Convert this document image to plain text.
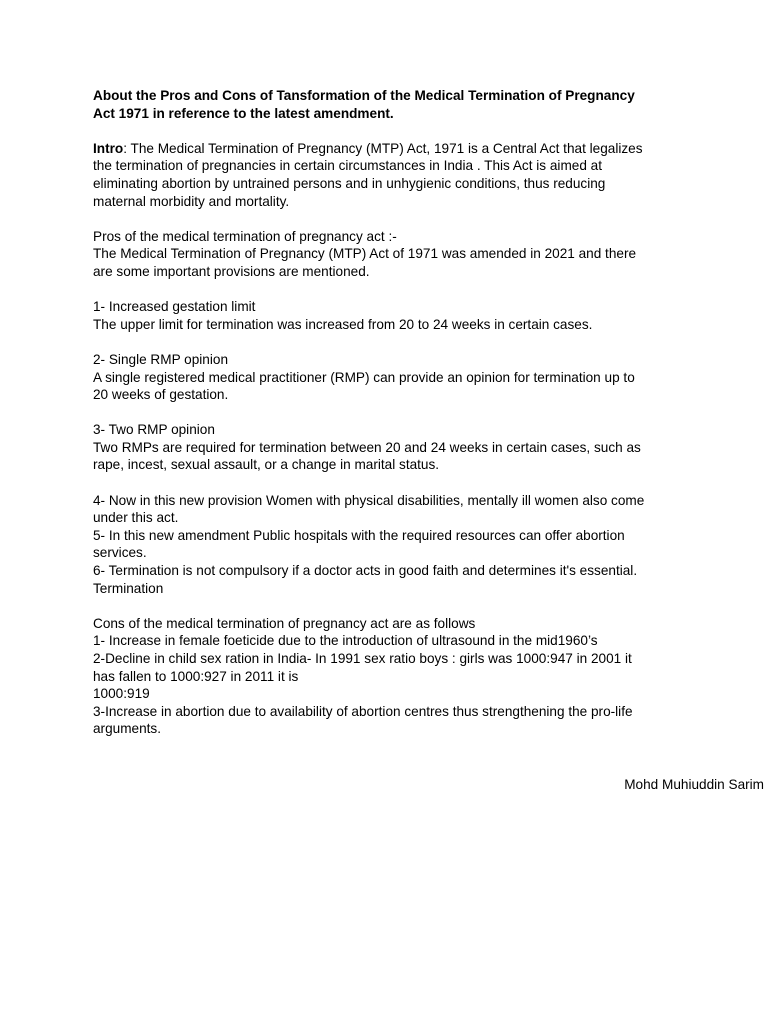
About the Pros and Cons of Tansformation of the Medical Termination of Pregnancy
Act 1971 in reference to the latest amendment.
Intro: The Medical Termination of Pregnancy (MTP) Act, 1971 is a Central Act that legalizes
the termination of pregnancies in certain circumstances in India . This Act is aimed at
eliminating abortion by untrained persons and in unhygienic conditions, thus reducing
maternal morbidity and mortality.
Pros of the medical termination of pregnancy act :-
The Medical Termination of Pregnancy (MTP) Act of 1971 was amended in 2021 and there
are some important provisions are mentioned.
1- Increased gestation limit
The upper limit for termination was increased from 20 to 24 weeks in certain cases.
2- Single RMP opinion
A single registered medical practitioner (RMP) can provide an opinion for termination up to
20 weeks of gestation.
3- Two RMP opinion
Two RMPs are required for termination between 20 and 24 weeks in certain cases, such as
rape, incest, sexual assault, or a change in marital status.
4- Now in this new provision Women with physical disabilities, mentally ill women also come
under this act.
5- In this new amendment Public hospitals with the required resources can offer abortion
services.
6- Termination is not compulsory if a doctor acts in good faith and determines it's essential.
Termination
Cons of the medical termination of pregnancy act are as follows
1- Increase in female foeticide due to the introduction of ultrasound in the mid1960’s
2-Decline in child sex ration in India- In 1991 sex ratio boys : girls was 1000:947 in 2001 it
has fallen to 1000:927 in 2011 it is
1000:919
3-Increase in abortion due to availability of abortion centres thus strengthening the pro-life
arguments.
Mohd Muhiuddin Sarim
